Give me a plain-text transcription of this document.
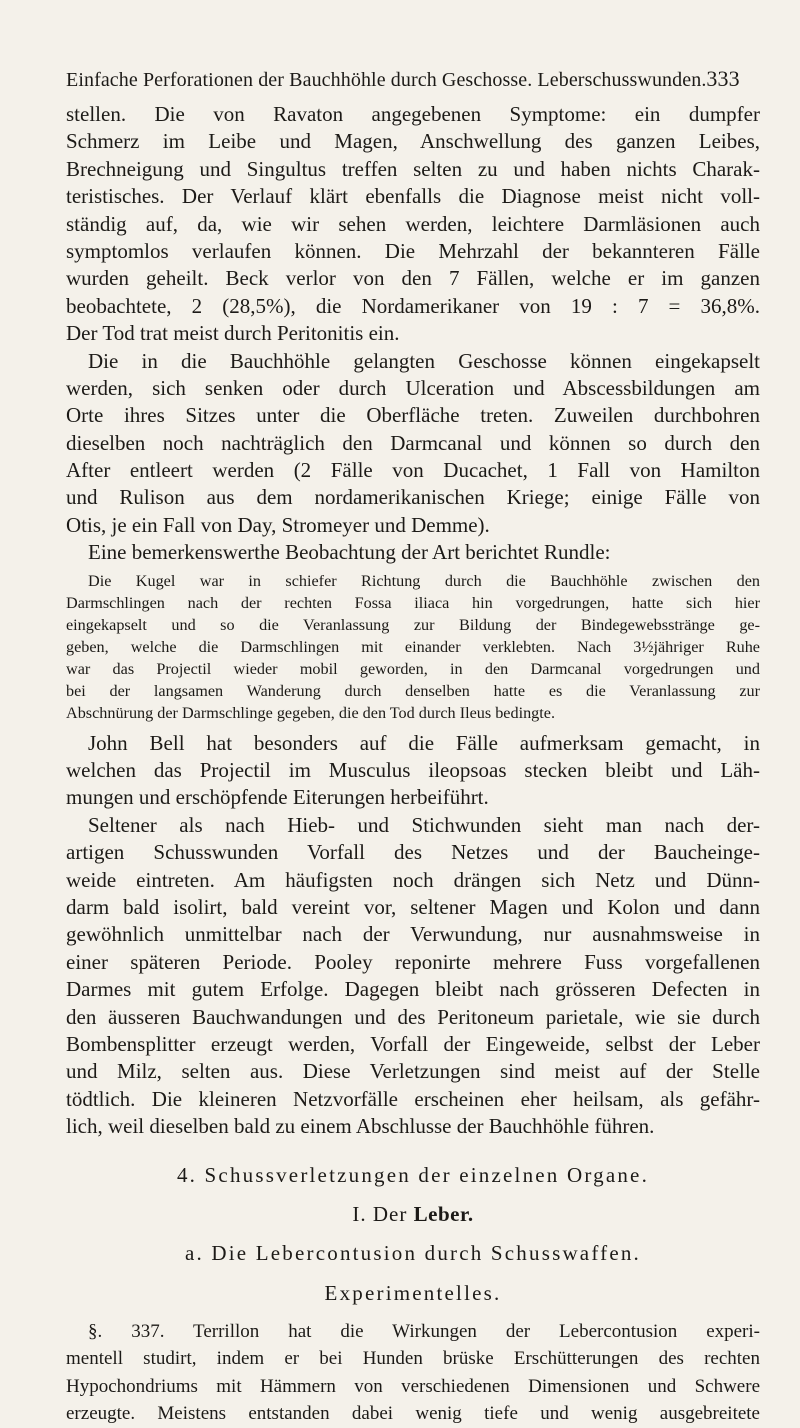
Einfache Perforationen der Bauchhöhle durch Geschosse. Leberschusswunden. 333
stellen. Die von Ravaton angegebenen Symptome: ein dumpfer
Schmerz im Leibe und Magen, Anschwellung des ganzen Leibes,
Brechneigung und Singultus treffen selten zu und haben nichts Charak-
teristisches. Der Verlauf klärt ebenfalls die Diagnose meist nicht voll-
ständig auf, da, wie wir sehen werden, leichtere Darmläsionen auch
symptomlos verlaufen können. Die Mehrzahl der bekannteren Fälle
wurden geheilt. Beck verlor von den 7 Fällen, welche er im ganzen
beobachtete, 2 (28,5%), die Nordamerikaner von 19 : 7 = 36,8%.
Der Tod trat meist durch Peritonitis ein.
Die in die Bauchhöhle gelangten Geschosse können eingekapselt
werden, sich senken oder durch Ulceration und Abscessbildungen am
Orte ihres Sitzes unter die Oberfläche treten. Zuweilen durchbohren
dieselben noch nachträglich den Darmcanal und können so durch den
After entleert werden (2 Fälle von Ducachet, 1 Fall von Hamilton
und Rulison aus dem nordamerikanischen Kriege; einige Fälle von
Otis, je ein Fall von Day, Stromeyer und Demme).
Eine bemerkenswerthe Beobachtung der Art berichtet Rundle:
Die Kugel war in schiefer Richtung durch die Bauchhöhle zwischen den
Darmschlingen nach der rechten Fossa iliaca hin vorgedrungen, hatte sich hier
eingekapselt und so die Veranlassung zur Bildung der Bindegewebsstränge ge-
geben, welche die Darmschlingen mit einander verklebten. Nach 3½jähriger Ruhe
war das Projectil wieder mobil geworden, in den Darmcanal vorgedrungen und
bei der langsamen Wanderung durch denselben hatte es die Veranlassung zur
Abschnürung der Darmschlinge gegeben, die den Tod durch Ileus bedingte.
John Bell hat besonders auf die Fälle aufmerksam gemacht, in
welchen das Projectil im Musculus ileopsoas stecken bleibt und Läh-
mungen und erschöpfende Eiterungen herbeiführt.
Seltener als nach Hieb- und Stichwunden sieht man nach der-
artigen Schusswunden Vorfall des Netzes und der Baucheinge-
weide eintreten. Am häufigsten noch drängen sich Netz und Dünn-
darm bald isolirt, bald vereint vor, seltener Magen und Kolon und dann
gewöhnlich unmittelbar nach der Verwundung, nur ausnahmsweise in
einer späteren Periode. Pooley reponirte mehrere Fuss vorgefallenen
Darmes mit gutem Erfolge. Dagegen bleibt nach grösseren Defecten in
den äusseren Bauchwandungen und des Peritoneum parietale, wie sie durch
Bombensplitter erzeugt werden, Vorfall der Eingeweide, selbst der Leber
und Milz, selten aus. Diese Verletzungen sind meist auf der Stelle
tödtlich. Die kleineren Netzvorfälle erscheinen eher heilsam, als gefähr-
lich, weil dieselben bald zu einem Abschlusse der Bauchhöhle führen.
4. Schussverletzungen der einzelnen Organe.
I. Der Leber.
a. Die Lebercontusion durch Schusswaffen.
Experimentelles.
§. 337. Terrillon hat die Wirkungen der Lebercontusion experi-
mentell studirt, indem er bei Hunden brüske Erschütterungen des rechten
Hypochondriums mit Hämmern von verschiedenen Dimensionen und Schwere
erzeugte. Meistens entstanden dabei wenig tiefe und wenig ausgebreitete
